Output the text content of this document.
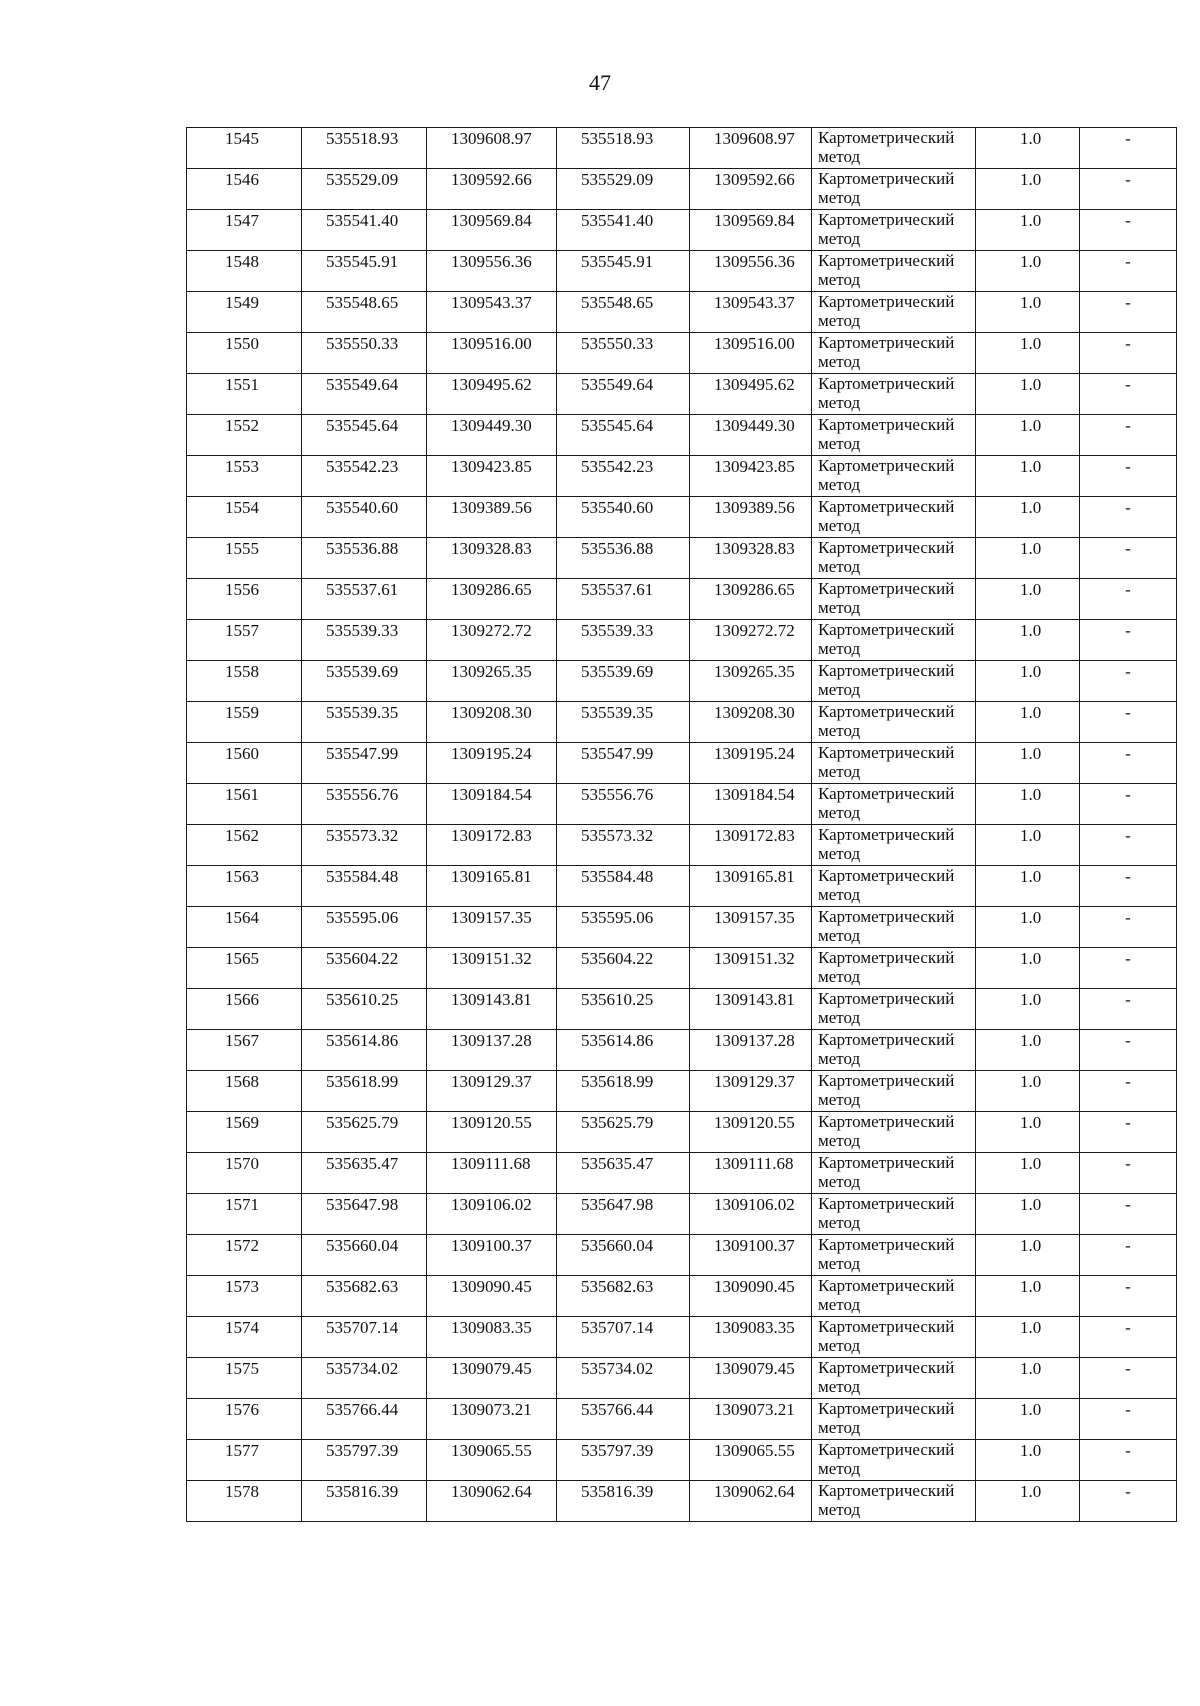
47
1545	535518.93	1309608.97	535518.93	1309608.97	Картометрический
метод	1.0	-

1546	535529.09	1309592.66	535529.09	1309592.66	Картометрический
метод	1.0	-

1547	535541.40	1309569.84	535541.40	1309569.84	Картометрический
метод	1.0	-

1548	535545.91	1309556.36	535545.91	1309556.36	Картометрический
метод	1.0	-

1549	535548.65	1309543.37	535548.65	1309543.37	Картометрический
метод	1.0	-

1550	535550.33	1309516.00	535550.33	1309516.00	Картометрический
метод	1.0	-

1551	535549.64	1309495.62	535549.64	1309495.62	Картометрический
метод	1.0	-

1552	535545.64	1309449.30	535545.64	1309449.30	Картометрический
метод	1.0	-

1553	535542.23	1309423.85	535542.23	1309423.85	Картометрический
метод	1.0	-

1554	535540.60	1309389.56	535540.60	1309389.56	Картометрический
метод	1.0	-

1555	535536.88	1309328.83	535536.88	1309328.83	Картометрический
метод	1.0	-

1556	535537.61	1309286.65	535537.61	1309286.65	Картометрический
метод	1.0	-

1557	535539.33	1309272.72	535539.33	1309272.72	Картометрический
метод	1.0	-

1558	535539.69	1309265.35	535539.69	1309265.35	Картометрический
метод	1.0	-

1559	535539.35	1309208.30	535539.35	1309208.30	Картометрический
метод	1.0	-

1560	535547.99	1309195.24	535547.99	1309195.24	Картометрический
метод	1.0	-

1561	535556.76	1309184.54	535556.76	1309184.54	Картометрический
метод	1.0	-

1562	535573.32	1309172.83	535573.32	1309172.83	Картометрический
метод	1.0	-

1563	535584.48	1309165.81	535584.48	1309165.81	Картометрический
метод	1.0	-

1564	535595.06	1309157.35	535595.06	1309157.35	Картометрический
метод	1.0	-

1565	535604.22	1309151.32	535604.22	1309151.32	Картометрический
метод	1.0	-

1566	535610.25	1309143.81	535610.25	1309143.81	Картометрический
метод	1.0	-

1567	535614.86	1309137.28	535614.86	1309137.28	Картометрический
метод	1.0	-

1568	535618.99	1309129.37	535618.99	1309129.37	Картометрический
метод	1.0	-

1569	535625.79	1309120.55	535625.79	1309120.55	Картометрический
метод	1.0	-

1570	535635.47	1309111.68	535635.47	1309111.68	Картометрический
метод	1.0	-

1571	535647.98	1309106.02	535647.98	1309106.02	Картометрический
метод	1.0	-

1572	535660.04	1309100.37	535660.04	1309100.37	Картометрический
метод	1.0	-

1573	535682.63	1309090.45	535682.63	1309090.45	Картометрический
метод	1.0	-

1574	535707.14	1309083.35	535707.14	1309083.35	Картометрический
метод	1.0	-

1575	535734.02	1309079.45	535734.02	1309079.45	Картометрический
метод	1.0	-

1576	535766.44	1309073.21	535766.44	1309073.21	Картометрический
метод	1.0	-

1577	535797.39	1309065.55	535797.39	1309065.55	Картометрический
метод	1.0	-

1578	535816.39	1309062.64	535816.39	1309062.64	Картометрический
метод	1.0	-
